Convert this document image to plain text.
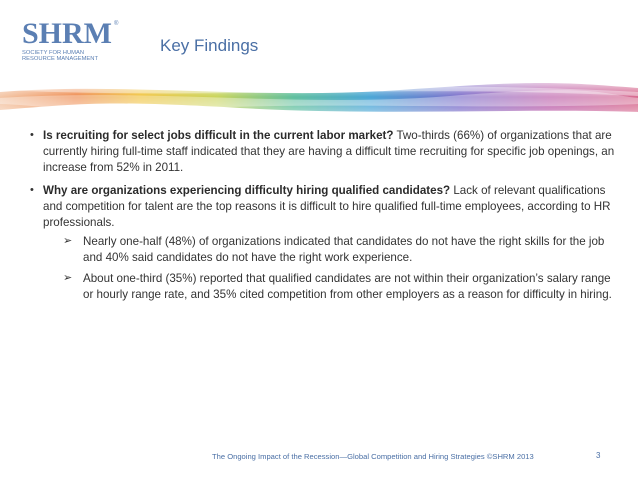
SHRM ®
SOCIETY FOR HUMAN
RESOURCE MANAGEMENT
Key Findings
• Is recruiting for select jobs difficult in the current labor market? Two-thirds (66%) of organizations that are currently hiring full-time staff indicated that they are having a difficult time recruiting for specific job openings, an increase from 52% in 2011.
• Why are organizations experiencing difficulty hiring qualified candidates? Lack of relevant qualifications and competition for talent are the top reasons it is difficult to hire qualified full-time employees, according to HR professionals.
➢ Nearly one-half (48%) of organizations indicated that candidates do not have the right skills for the job and 40% said candidates do not have the right work experience.
➢ About one-third (35%) reported that qualified candidates are not within their organization’s salary range or hourly range rate, and 35% cited competition from other employers as a reason for difficulty in hiring.
The Ongoing Impact of the Recession—Global Competition and Hiring Strategies ©SHRM 2013	3
